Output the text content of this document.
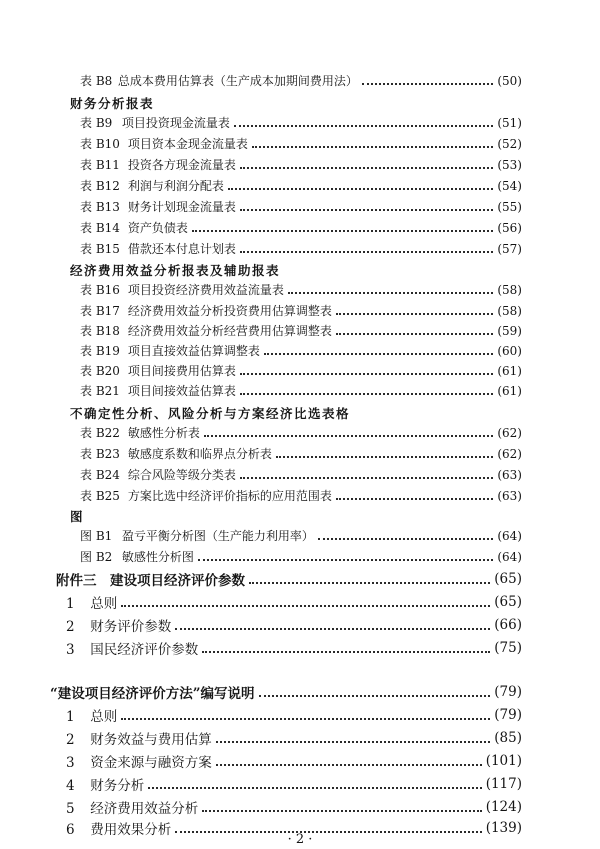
表 B8 总成本费用估算表（生产成本加期间费用法）	(50)
财务分析报表
表 B9 项目投资现金流量表	(51)
表 B10 项目资本金现金流量表	(52)
表 B11 投资各方现金流量表	(53)
表 B12 利润与利润分配表	(54)
表 B13 财务计划现金流量表	(55)
表 B14 资产负债表	(56)
表 B15 借款还本付息计划表	(57)
经济费用效益分析报表及辅助报表
表 B16 项目投资经济费用效益流量表	(58)
表 B17 经济费用效益分析投资费用估算调整表	(58)
表 B18 经济费用效益分析经营费用估算调整表	(59)
表 B19 项目直接效益估算调整表	(60)
表 B20 项目间接费用估算表	(61)
表 B21 项目间接效益估算表	(61)
不确定性分析、风险分析与方案经济比选表格
表 B22 敏感性分析表	(62)
表 B23 敏感度系数和临界点分析表	(62)
表 B24 综合风险等级分类表	(63)
表 B25 方案比选中经济评价指标的应用范围表	(63)
图
图 B1 盈亏平衡分析图（生产能力利用率）	(64)
图 B2 敏感性分析图	(64)
附件三　建设项目经济评价参数	(65)
1 总则	(65)
2 财务评价参数	(66)
3 国民经济评价参数	(75)
“建设项目经济评价方法”编写说明	(79)
1 总则	(79)
2 财务效益与费用估算	(85)
3 资金来源与融资方案	(101)
4 财务分析	(117)
5 经济费用效益分析	(124)
6 费用效果分析	(139)
· 2 ·
